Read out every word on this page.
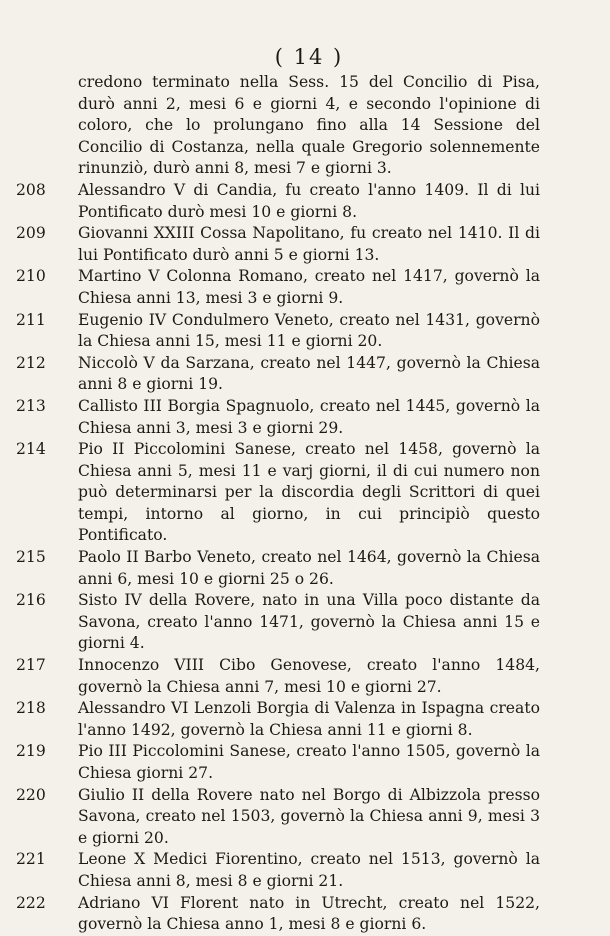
( 14 )
credono terminato nella Sess. 15 del Concilio di Pisa, durò anni 2, mesi 6 e giorni 4, e secondo l'opinione di coloro, che lo prolungano fino alla 14 Sessione del Concilio di Costanza, nella quale Gregorio solennemente rinunziò, durò anni 8, mesi 7 e giorni 3.
208	Alessandro V di Candia, fu creato l'anno 1409. Il di lui Pontificato durò mesi 10 e giorni 8.
209	Giovanni XXIII Cossa Napolitano, fu creato nel 1410. Il di lui Pontificato durò anni 5 e giorni 13.
210	Martino V Colonna Romano, creato nel 1417, governò la Chiesa anni 13, mesi 3 e giorni 9.
211	Eugenio IV Condulmero Veneto, creato nel 1431, governò la Chiesa anni 15, mesi 11 e giorni 20.
212	Niccolò V da Sarzana, creato nel 1447, governò la Chiesa anni 8 e giorni 19.
213	Callisto III Borgia Spagnuolo, creato nel 1445, governò la Chiesa anni 3, mesi 3 e giorni 29.
214	Pio II Piccolomini Sanese, creato nel 1458, governò la Chiesa anni 5, mesi 11 e varj giorni, il di cui numero non può determinarsi per la discordia degli Scrittori di quei tempi, intorno al giorno, in cui principiò questo Pontificato.
215	Paolo II Barbo Veneto, creato nel 1464, governò la Chiesa anni 6, mesi 10 e giorni 25 o 26.
216	Sisto IV della Rovere, nato in una Villa poco distante da Savona, creato l'anno 1471, governò la Chiesa anni 15 e giorni 4.
217	Innocenzo VIII Cibo Genovese, creato l'anno 1484, governò la Chiesa anni 7, mesi 10 e giorni 27.
218	Alessandro VI Lenzoli Borgia di Valenza in Ispagna creato l'anno 1492, governò la Chiesa anni 11 e giorni 8.
219	Pio III Piccolomini Sanese, creato l'anno 1505, governò la Chiesa giorni 27.
220	Giulio II della Rovere nato nel Borgo di Albizzola presso Savona, creato nel 1503, governò la Chiesa anni 9, mesi 3 e giorni 20.
221	Leone X Medici Fiorentino, creato nel 1513, governò la Chiesa anni 8, mesi 8 e giorni 21.
222	Adriano VI Florent nato in Utrecht, creato nel 1522, governò la Chiesa anno 1, mesi 8 e giorni 6.
